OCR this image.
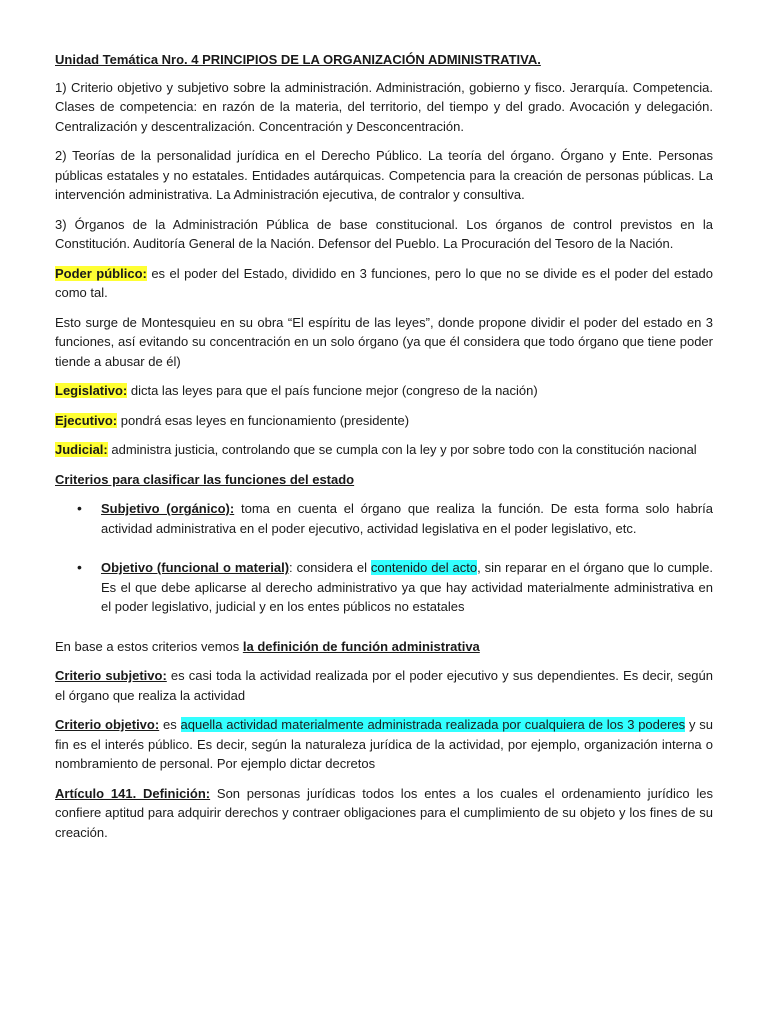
Unidad Temática Nro. 4 PRINCIPIOS DE LA ORGANIZACIÓN ADMINISTRATIVA.

1) Criterio objetivo y subjetivo sobre la administración. Administración, gobierno y fisco. Jerarquía. Competencia. Clases de competencia: en razón de la materia, del territorio, del tiempo y del grado. Avocación y delegación. Centralización y descentralización. Concentración y Desconcentración.

2) Teorías de la personalidad jurídica en el Derecho Público. La teoría del órgano. Órgano y Ente. Personas públicas estatales y no estatales. Entidades autárquicas. Competencia para la creación de personas públicas. La intervención administrativa. La Administración ejecutiva, de contralor y consultiva.

3) Órganos de la Administración Pública de base constitucional. Los órganos de control previstos en la Constitución. Auditoría General de la Nación. Defensor del Pueblo. La Procuración del Tesoro de la Nación.

Poder público: es el poder del Estado, dividido en 3 funciones, pero lo que no se divide es el poder del estado como tal.

Esto surge de Montesquieu en su obra “El espíritu de las leyes”, donde propone dividir el poder del estado en 3 funciones, así evitando su concentración en un solo órgano (ya que él considera que todo órgano que tiene poder tiende a abusar de él)

Legislativo: dicta las leyes para que el país funcione mejor (congreso de la nación)

Ejecutivo: pondrá esas leyes en funcionamiento (presidente)

Judicial: administra justicia, controlando que se cumpla con la ley y por sobre todo con la constitución nacional

Criterios para clasificar las funciones del estado

• Subjetivo (orgánico): toma en cuenta el órgano que realiza la función. De esta forma solo habría actividad administrativa en el poder ejecutivo, actividad legislativa en el poder legislativo, etc.
• Objetivo (funcional o material): considera el contenido del acto, sin reparar en el órgano que lo cumple. Es el que debe aplicarse al derecho administrativo ya que hay actividad materialmente administrativa en el poder legislativo, judicial y en los entes públicos no estatales

En base a estos criterios vemos la definición de función administrativa

Criterio subjetivo: es casi toda la actividad realizada por el poder ejecutivo y sus dependientes. Es decir, según el órgano que realiza la actividad

Criterio objetivo: es aquella actividad materialmente administrada realizada por cualquiera de los 3 poderes y su fin es el interés público. Es decir, según la naturaleza jurídica de la actividad, por ejemplo, organización interna o nombramiento de personal. Por ejemplo dictar decretos

Artículo 141. Definición: Son personas jurídicas todos los entes a los cuales el ordenamiento jurídico les confiere aptitud para adquirir derechos y contraer obligaciones para el cumplimiento de su objeto y los fines de su creación.
